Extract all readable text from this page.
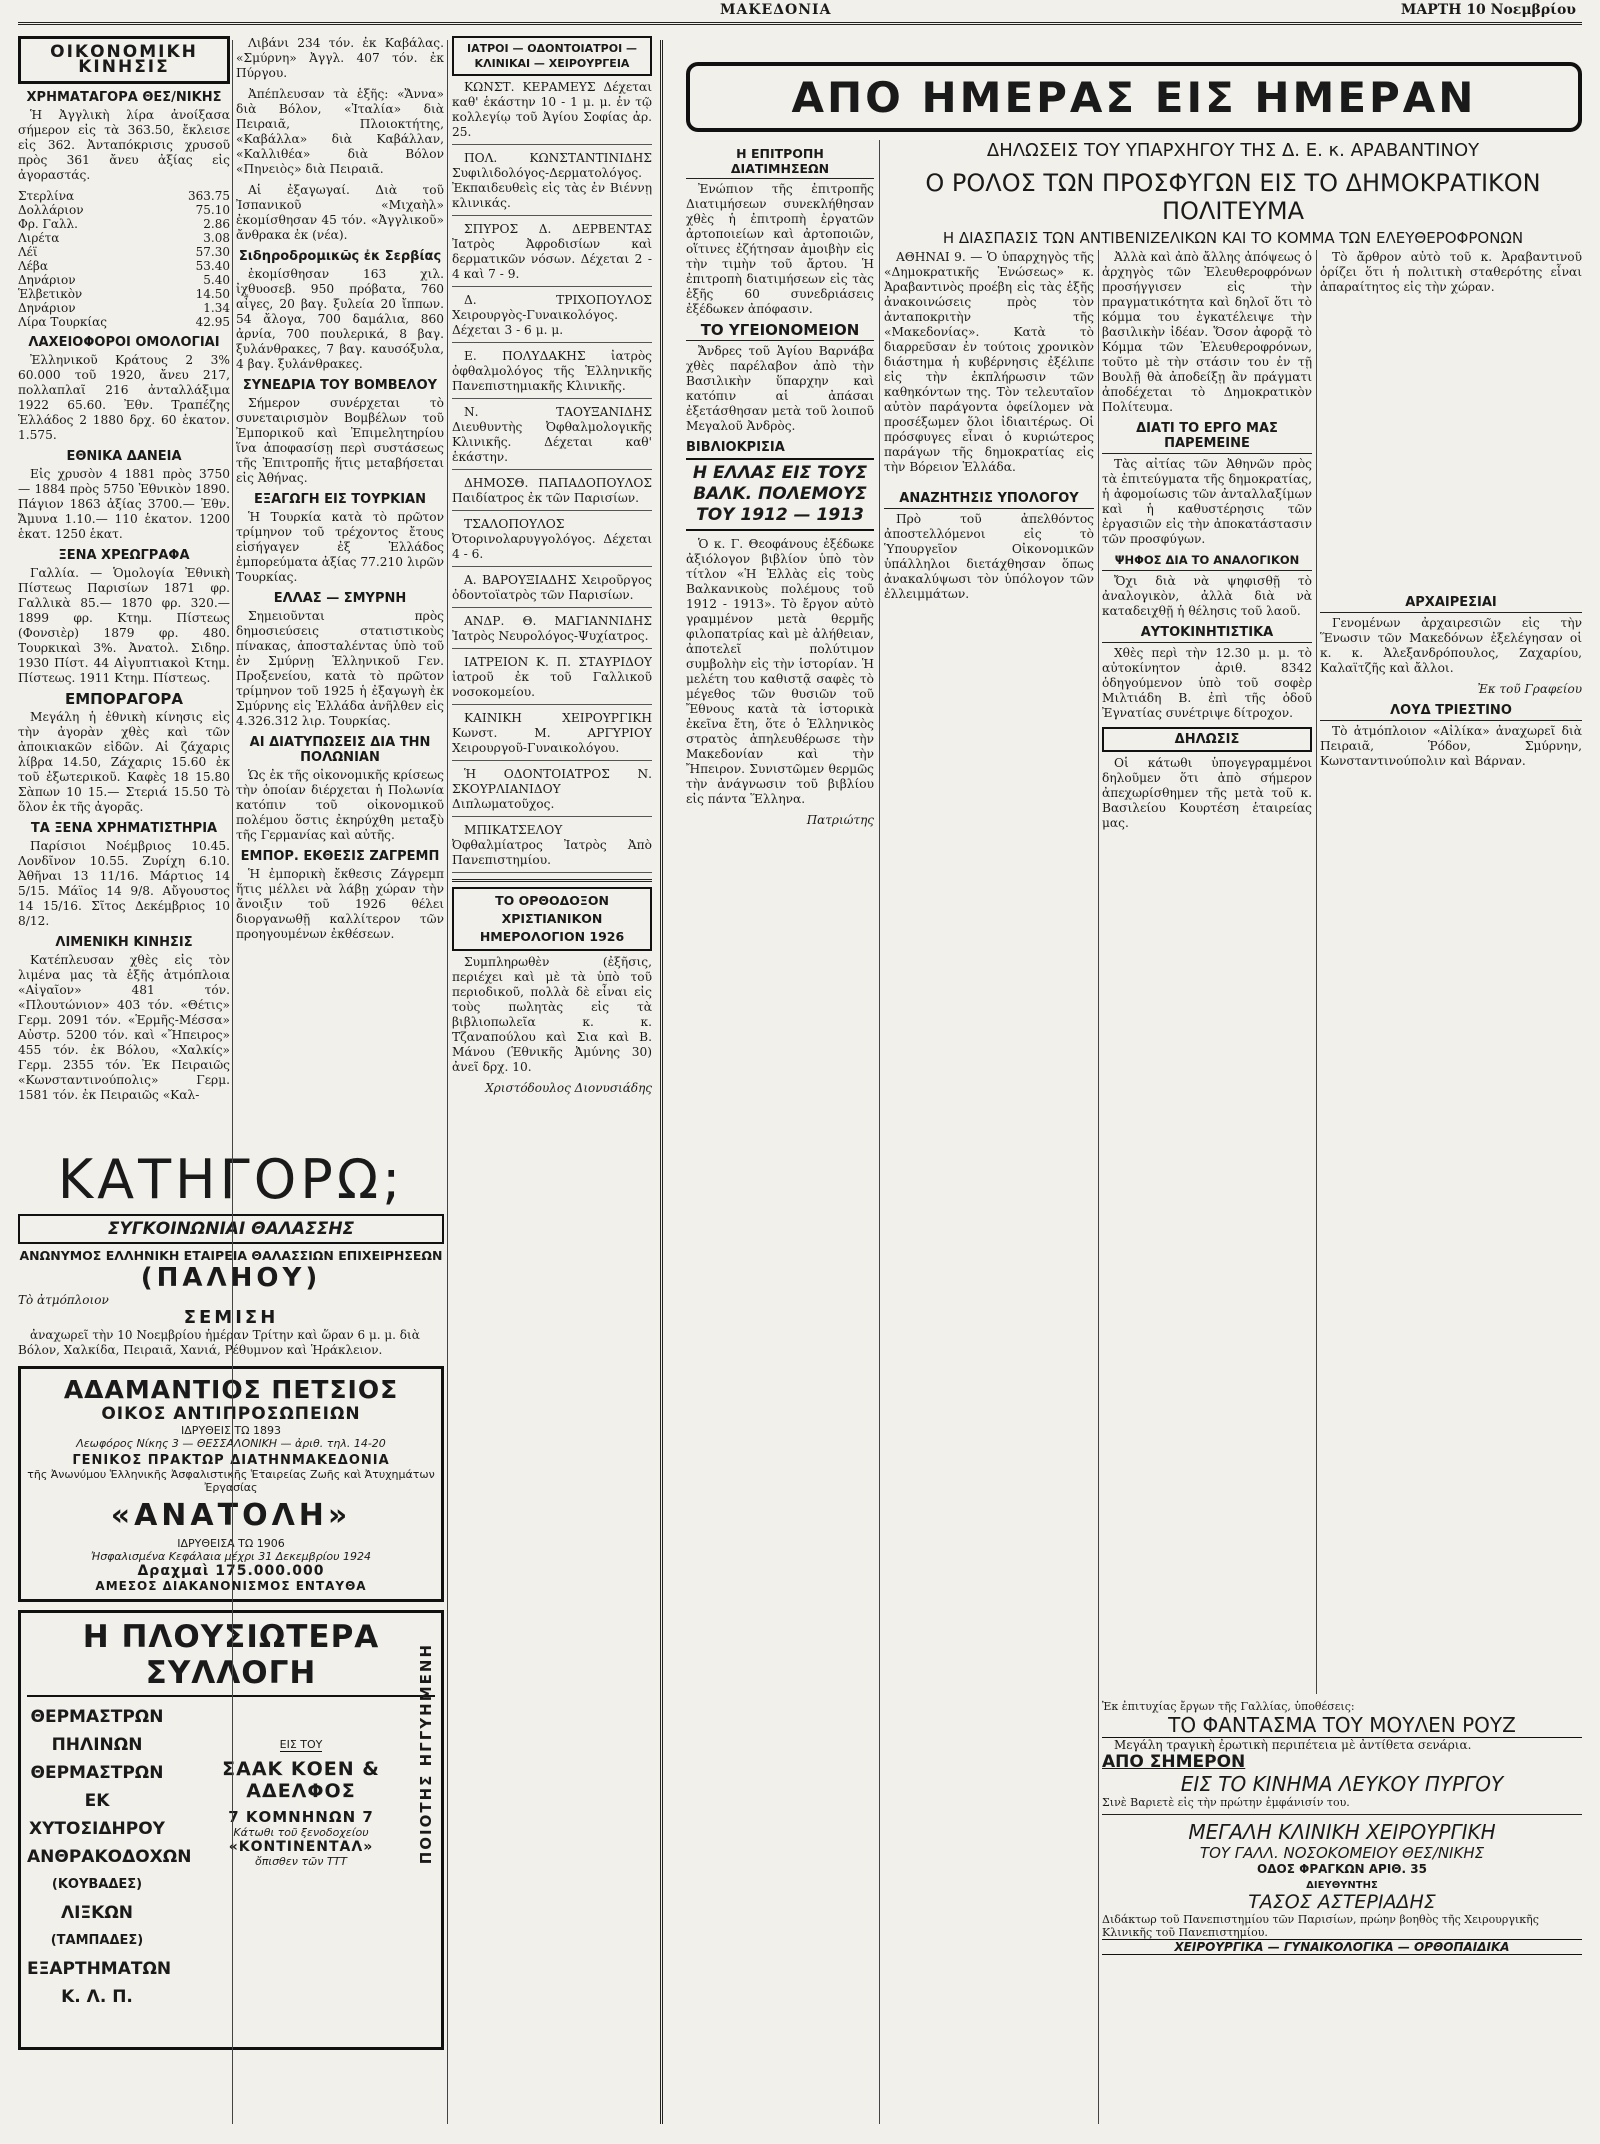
ΜΑΚΕΔΟΝΙΑ	ΜΑΡΤΗ 10 Νοεμβρίου
ΟΙΚΟΝΟΜΙΚΗ ΚΙΝΗΣΙΣ
ΧΡΗΜΑΤΑΓΟΡΑ ΘΕΣ/ΝΙΚΗΣ

Ἡ Ἀγγλικὴ λίρα ἀνοίξασα σήμερον εἰς τὰ 363.50, ἔκλεισε εἰς 362. Ἀνταπόκρισις χρυσοῦ πρὸς 361 ἄνευ ἀξίας εἰς ἀγοραστάς.

Στερλίνα	363.75
Δολλάριον	75.10
Φρ. Γαλλ.	2.86
Λιρέτα	3.08
Λέϊ	57.30
Λέβα	53.40
Δηνάριον	5.40
Ἑλβετικὸν	14.50
Δηνάριον	1.34
Λίρα Τουρκίας	42.95
ΛΑΧΕΙΟΦΟΡΟΙ ΟΜΟΛΟΓΙΑΙ

Ἐλληνικοῦ Κράτους 2 3% 60.000 τοῦ 1920, ἄνευ 217, πολλαπλαῖ 216 ἀνταλλάξιμα 1922 65.60. Ἐθν. Τραπέζης Ἑλλάδος 2 1880 δρχ. 60 ἑκατον. 1.575.

ΕΘΝΙΚΑ ΔΑΝΕΙΑ

Εἰς χρυσὸν 4 1881 πρὸς 3750 — 1884 πρὸς 5750 Ἐθνικὸν 1890. Πάγιον 1863 ἀξίας 3700.— Ἐθν. Ἄμυνα 1.10.— 110 ἑκατον. 1200 ἑκατ. 1250 ἑκατ.

ΞΕΝΑ ΧΡΕΩΓΡΑΦΑ

Γαλλία. — Ὁμολογία Ἐθνικὴ Πίστεως Παρισίων 1871 φρ. Γαλλικὰ 85.— 1870 φρ. 320.— 1899 φρ. Κτημ. Πίστεως (Φονσιὲρ) 1879 φρ. 480. Τουρκικαὶ 3%. Ἀνατολ. Σιδηρ. 1930 Πίστ. 44 Αἰγυπτιακοὶ Κτημ. Πίστεως. 1911 Κτημ. Πίστεως.

ΕΜΠΟΡΑΓΟΡΑ

Μεγάλη ἡ ἐθνικὴ κίνησις εἰς τὴν ἀγορὰν χθὲς καὶ τῶν ἀποικιακῶν εἰδῶν. Αἱ ζάχαρις λίβρα 14.50, Ζάχαρις 15.60 ἐκ τοῦ ἐξωτερικοῦ. Καφὲς 18 15.80 Σὰπων 10 15.— Στεριά 15.50 Τὸ ὅλον ἐκ τῆς ἀγορᾶς.

ΤΑ ΞΕΝΑ ΧΡΗΜΑΤΙΣΤΗΡΙΑ

Παρίσιοι Νοέμβριος 10.45. Λονδῖνον 10.55. Ζυρίχη 6.10. Ἀθῆναι 13 11/16. Μάρτιος 14 5/15. Μάϊος 14 9/8. Αὔγουστος 14 15/16. Σῖτος Δεκέμβριος 10 8/12.

ΛΙΜΕΝΙΚΗ ΚΙΝΗΣΙΣ

Κατέπλευσαν χθὲς εἰς τὸν λιμένα μας τὰ ἑξῆς ἀτμόπλοια «Αἰγαῖον» 481 τόν. «Πλουτώνιον» 403 τόν. «Θέτις» Γερμ. 2091 τόν. «Ἑρμῆς-Μέσσα» Αὐστρ. 5200 τόν. καὶ «Ἤπειρος» 455 τόν. ἐκ Βόλου, «Χαλκίς» Γερμ. 2355 τόν. Ἐκ Πειραιῶς «Κωνσταντινούπολις» Γερμ. 1581 τόν. ἐκ Πειραιῶς «Καλ-

Λιβάνι 234 τόν. ἐκ Καβάλας. «Σμύρνη» Ἀγγλ. 407 τόν. ἐκ Πύργου.

Ἀπέπλευσαν τὰ ἑξῆς: «Ἄννα» διὰ Βόλον, «Ἰταλία» διὰ Πειραιᾶ, Πλοιοκτήτης, «Καβάλλα» διὰ Καβάλλαν, «Καλλιθέα» διὰ Βόλον «Πηνειὸς» διὰ Πειραιᾶ.

Αἱ ἐξαγωγαί. Διὰ τοῦ Ἰσπανικοῦ «Μιχαὴλ» ἐκομίσθησαν 45 τόν. «Ἀγγλικοῦ» ἄνθρακα ἐκ (νέα).

Σιδηροδρομικῶς ἐκ Σερβίας

ἐκομίσθησαν 163 χιλ. ἰχθυοσεβ. 950 πρόβατα, 760 αἶγες, 20 βαγ. ξυλεία 20 ἴππων. 54 ἄλογα, 700 δαμάλια, 860 ἀρνία, 700 πουλερικά, 8 βαγ. ξυλάνθρακες, 7 βαγ. καυσόξυλα, 4 βαγ. ξυλάνθρακες.

ΣΥΝΕΔΡΙΑ ΤΟΥ ΒΟΜΒΕΛΟΥ

Σήμερον συνέρχεται τὸ συνεταιρισμὸν Βομβέλων τοῦ Ἐμπορικοῦ καὶ Ἐπιμελητηρίου ἵνα ἀποφασίσῃ περὶ συστάσεως τῆς Ἐπιτροπῆς ἥτις μεταβήσεται εἰς Ἀθήνας.

ΕΞΑΓΩΓΗ ΕΙΣ ΤΟΥΡΚΙΑΝ

Ἡ Τουρκία κατὰ τὸ πρῶτον τρίμηνον τοῦ τρέχοντος ἔτους εἰσήγαγεν ἐξ Ἑλλάδος ἐμπορεύματα ἀξίας 77.210 λιρῶν Τουρκίας.

ΕΛΛΑΣ — ΣΜΥΡΝΗ

Σημειοῦνται πρὸς δημοσιεύσεις στατιστικοὺς πίνακας, ἀποσταλέντας ὑπὸ τοῦ ἐν Σμύρνῃ Ἑλληνικοῦ Γεν. Προξενείου, κατὰ τὸ πρῶτον τρίμηνον τοῦ 1925 ἡ ἐξαγωγὴ ἐκ Σμύρνης εἰς Ἑλλάδα ἀνῆλθεν εἰς 4.326.312 λιρ. Τουρκίας.

ΑΙ ΔΙΑΤΥΠΩΣΕΙΣ ΔΙΑ ΤΗΝ ΠΟΛΩΝΙΑΝ

Ὡς ἐκ τῆς οἰκονομικῆς κρίσεως τὴν ὁποίαν διέρχεται ἡ Πολωνία κατόπιν τοῦ οἰκονομικοῦ πολέμου ὅστις ἐκηρύχθη μεταξὺ τῆς Γερμανίας καὶ αὐτῆς.

ΕΜΠΟΡ. ΕΚΘΕΣΙΣ ΖΑΓΡΕΜΠ

Ἡ ἐμπορικὴ ἔκθεσις Ζάγρεμπ ἥτις μέλλει νὰ λάβῃ χώραν τὴν ἄνοιξιν τοῦ 1926 θέλει διοργανωθῇ καλλίτερον τῶν προηγουμένων ἐκθέσεων.

ΚΑΤΗΓΟΡΩ;
ΣΥΓΚΟΙΝΩΝΙΑΙ ΘΑΛΑΣΣΗΣ
ΑΝΩΝΥΜΟΣ ΕΛΛΗΝΙΚΗ ΕΤΑΙΡΕΙΑ ΘΑΛΑΣΣΙΩΝ ΕΠΙΧΕΙΡΗΣΕΩΝ
(ΠΑΛΗΟΥ)
Τὸ ἀτμόπλοιον
ΣΕΜΙΣΗ

ἀναχωρεῖ τὴν 10 Νοεμβρίου ἡμέραν Τρίτην καὶ ὥραν 6 μ. μ. διὰ Βόλον, Χαλκίδα, Πειραιᾶ, Χανιά, Ρέθυμνον καὶ Ἡράκλειον.

ΑΔΑΜΑΝΤΙΟΣ ΠΕΤΣΙΟΣ
ΟΙΚΟΣ ΑΝΤΙΠΡΟΣΩΠΕΙΩΝ
ΙΔΡΥΘΕΙΣ ΤΩ 1893
Λεωφόρος Νίκης 3 — ΘΕΣΣΑΛΟΝΙΚΗ — ἀριθ. τηλ. 14-20
ΓΕΝΙΚΟΣ ΠΡΑΚΤΩΡ ΔΙΑΤΗΝΜΑΚΕΔΟΝΙΑ
τῆς Ἀνωνύμου Ἑλληνικῆς Ἀσφαλιστικῆς Ἑταιρείας Ζωῆς καὶ Ἀτυχημάτων Ἐργασίας
«ΑΝΑΤΟΛΗ»
ΙΔΡΥΘΕΙΣΑ ΤΩ 1906
Ἠσφαλισμένα Κεφάλαια μέχρι 31 Δεκεμβρίου 1924
Δραχμαὶ 175.000.000
ΑΜΕΣΟΣ ΔΙΑΚΑΝΟΝΙΣΜΟΣ ΕΝΤΑΥΘΑ
Η ΠΛΟΥΣΙΩΤΕΡΑ ΣΥΛΛΟΓΗ
ΘΕΡΜΑΣΤΡΩΝ
ΠΗΛΙΝΩΝ
ΘΕΡΜΑΣΤΡΩΝ
ΕΚ ΧΥΤΟΣΙΔΗΡΟΥ
ΑΝΘΡΑΚΟΔΟΧΩΝ
(ΚΟΥΒΑΔΕΣ)
ΛΙΞΚΩΝ
(ΤΑΜΠΑΔΕΣ)
ΕΞΑΡΤΗΜΑΤΩΝ
Κ. Λ. Π.
ΕΙΣ ΤΟΥ
ΣΑΑΚ ΚΟΕΝ & ΑΔΕΛΦΟΣ
7 ΚΟΜΝΗΝΩΝ 7
Κάτωθι τοῦ ξενοδοχείου
«ΚΟΝΤΙΝΕΝΤΑΛ»
ὄπισθεν τῶν ΤΤΤ	ΠΟΙΟΤΗΣ ΗΓΓΥΗΜΕΝΗ
ΙΑΤΡΟΙ — ΟΔΟΝΤΟΙΑΤΡΟΙ — ΚΛΙΝΙΚΑΙ — ΧΕΙΡΟΥΡΓΕΙΑ

ΚΩΝΣΤ. ΚΕΡΑΜΕΥΣ Δέχεται καθ' ἑκάστην 10 - 1 μ. μ. ἐν τῷ κολλεγίῳ τοῦ Ἀγίου Σοφίας ἀρ. 25.

ΠΟΛ. ΚΩΝΣΤΑΝΤΙΝΙΔΗΣ Συφιλιδολόγος-Δερματολόγος. Ἐκπαιδευθεὶς εἰς τὰς ἐν Βιέννῃ κλινικάς.

ΣΠΥΡΟΣ Δ. ΔΕΡΒΕΝΤΑΣ Ἰατρὸς Ἀφροδισίων καὶ δερματικῶν νόσων. Δέχεται 2 - 4 καὶ 7 - 9.

Δ. ΤΡΙΧΟΠΟΥΛΟΣ Χειρουργὸς-Γυναικολόγος. Δέχεται 3 - 6 μ. μ.

Ε. ΠΟΛΥΔΑΚΗΣ ἰατρὸς ὀφθαλμολόγος τῆς Ἑλληνικῆς Πανεπιστημιακῆς Κλινικῆς.

Ν. ΤΑΟΥΞΑΝΙΔΗΣ Διευθυντὴς Ὀφθαλμολογικῆς Κλινικῆς. Δέχεται καθ' ἑκάστην.

ΔΗΜΟΣΘ. ΠΑΠΑΔΟΠΟΥΛΟΣ Παιδίατρος ἐκ τῶν Παρισίων.

ΤΣΑΛΟΠΟΥΛΟΣ Ὀτορινολαρυγγολόγος. Δέχεται 4 - 6.

Α. ΒΑΡΟΥΞΙΑΔΗΣ Χειροῦργος ὀδοντοϊατρὸς τῶν Παρισίων.

ΑΝΔΡ. Θ. ΜΑΓΙΑΝΝΙΔΗΣ Ἰατρὸς Νευρολόγος-Ψυχίατρος.

ΙΑΤΡΕΙΟΝ Κ. Π. ΣΤΑΥΡΙΔΟΥ ἰατροῦ ἐκ τοῦ Γαλλικοῦ νοσοκομείου.

ΚΑΙΝΙΚΗ ΧΕΙΡΟΥΡΓΙΚΗ Κωνστ. Μ. ΑΡΓΥΡΙΟΥ Χειρουργοῦ-Γυναικολόγου.

Ἡ ΟΔΟΝΤΟΙΑΤΡΟΣ Ν. ΣΚΟΥΡΛΙΑΝΙΔΟΥ Διπλωματοῦχος.

ΜΠΙΚΑΤΣΕΛΟΥ Ὀφθαλμίατρος Ἰατρὸς Ἀπὸ Πανεπιστημίου.

ΤΟ ΟΡΘΟΔΟΞΟΝ ΧΡΙΣΤΙΑΝΙΚΟΝ ΗΜΕΡΟΛΟΓΙΟΝ 1926

Συμπληρωθὲν (ἐξῆσις, περιέχει καὶ μὲ τὰ ὑπὸ τοῦ περιοδικοῦ, πολλὰ δὲ εἶναι εἰς τοὺς πωλητὰς εἰς τὰ βιβλιοπωλεῖα κ. κ. Τζαναπούλου καὶ Σια καὶ Β. Μάνου (Ἑθνικῆς Ἀμύνης 30) ἀνεῖ δρχ. 10.

Χριστόδουλος Διονυσιάδης
ΑΠΟ ΗΜΕΡΑΣ ΕΙΣ ΗΜΕΡΑΝ
Η ΕΠΙΤΡΟΠΗ ΔΙΑΤΙΜΗΣΕΩΝ

Ἐνώπιον τῆς ἐπιτροπῆς Διατιμήσεων συνεκλήθησαν χθὲς ἡ ἐπιτροπὴ ἐργατῶν ἀρτοποιείων καὶ ἀρτοποιῶν, οἵτινες ἐζήτησαν ἀμοιβὴν εἰς τὴν τιμὴν τοῦ ἄρτου. Ἡ ἐπιτροπὴ διατιμήσεων εἰς τὰς ἑξῆς 60 συνεδριάσεις ἐξέδωκεν ἀπόφασιν.

ΤΟ ΥΓΕΙΟΝΟΜΕΙΟΝ

Ἄνδρες τοῦ Ἁγίου Βαρνάβα χθὲς παρέλαβον ἀπὸ τὴν Βασιλικὴν ὕπαρχην καὶ κατόπιν αἱ ἀπάσαι ἐξετάσθησαν μετὰ τοῦ λοιποῦ Μεγαλοῦ Ἀνδρὸς.

ΒΙΒΛΙΟΚΡΙΣΙΑ
Η ΕΛΛΑΣ ΕΙΣ ΤΟΥΣ ΒΑΛΚ. ΠΟΛΕΜΟΥΣ ΤΟΥ 1912 — 1913

Ὁ κ. Γ. Θεοφάνους ἐξέδωκε ἀξιόλογον βιβλίον ὑπὸ τὸν τίτλον «Ἡ Ἑλλὰς εἰς τοὺς Βαλκανικοὺς πολέμους τοῦ 1912 - 1913». Τὸ ἔργον αὐτὸ γραμμένον μετὰ θερμῆς φιλοπατρίας καὶ μὲ ἀλήθειαν, ἀποτελεῖ πολύτιμον συμβολὴν εἰς τὴν ἱστορίαν. Ἡ μελέτη του καθιστᾷ σαφὲς τὸ μέγεθος τῶν θυσιῶν τοῦ Ἔθνους κατὰ τὰ ἱστορικὰ ἐκεῖνα ἔτη, ὅτε ὁ Ἑλληνικὸς στρατὸς ἀπηλευθέρωσε τὴν Μακεδονίαν καὶ τὴν Ἤπειρον. Συνιστῶμεν θερμῶς τὴν ἀνάγνωσιν τοῦ βιβλίου εἰς πάντα Ἕλληνα.

Πατριώτης
ΔΗΛΩΣΕΙΣ ΤΟΥ ΥΠΑΡΧΗΓΟΥ ΤΗΣ Δ. Ε. κ. ΑΡΑΒΑΝΤΙΝΟΥ
Ο ΡΟΛΟΣ ΤΩΝ ΠΡΟΣΦΥΓΩΝ ΕΙΣ ΤΟ ΔΗΜΟΚΡΑΤΙΚΟΝ ΠΟΛΙΤΕΥΜΑ
Η ΔΙΑΣΠΑΣΙΣ ΤΩΝ ΑΝΤΙΒΕΝΙΖΕΛΙΚΩΝ ΚΑΙ ΤΟ ΚΟΜΜΑ ΤΩΝ ΕΛΕΥΘΕΡΟΦΡΟΝΩΝ

ΑΘΗΝΑΙ 9. — Ὁ ὑπαρχηγὸς τῆς «Δημοκρατικῆς Ἑνώσεως» κ. Ἀραβαντινὸς προέβη εἰς τὰς ἑξῆς ἀνακοινώσεις πρὸς τὸν ἀνταποκριτὴν τῆς «Μακεδονίας». Κατὰ τὸ διαρρεῦσαν ἐν τούτοις χρονικὸν διάστημα ἡ κυβέρνησις ἐξέλιπε εἰς τὴν ἐκπλήρωσιν τῶν καθηκόντων της. Τὸν τελευταῖον αὐτὸν παράγοντα ὁφείλομεν νὰ προσέξωμεν ὅλοι ἰδιαιτέρως. Οἱ πρόσφυγες εἶναι ὁ κυριώτερος παράγων τῆς δημοκρατίας εἰς τὴν Βόρειον Ἑλλάδα.

ΑΝΑΖΗΤΗΣΙΣ ΥΠΟΛΟΓΟΥ

Πρὸ τοῦ ἀπελθόντος ἀποστελλόμενοι εἰς τὸ Ὑπουργεῖον Οἰκονομικῶν ὑπάλληλοι διετάχθησαν ὅπως ἀνακαλύψωσι τὸν ὑπόλογον τῶν ἐλλειμμάτων.

Ἀλλὰ καὶ ἀπὸ ἄλλης ἀπόψεως ὁ ἀρχηγὸς τῶν Ἐλευθεροφρόνων προσήγγισεν εἰς τὴν πραγματικότητα καὶ δηλοῖ ὅτι τὸ κόμμα του ἐγκατέλειψε τὴν βασιλικὴν ἰδέαν. Ὅσον ἀφορᾷ τὸ Κόμμα τῶν Ἐλευθεροφρόνων, τοῦτο μὲ τὴν στάσιν του ἐν τῇ Βουλῇ θὰ ἀποδείξῃ ἂν πράγματι ἀποδέχεται τὸ Δημοκρατικὸν Πολίτευμα.

ΔΙΑΤΙ ΤΟ ΕΡΓΟ ΜΑΣ ΠΑΡΕΜΕΙΝΕ

Τὰς αἰτίας τῶν Ἀθηνῶν πρὸς τὰ ἐπιτεύγματα τῆς δημοκρατίας, ἡ ἀφομοίωσις τῶν ἀνταλλαξίμων καὶ ἡ καθυστέρησις τῶν ἐργασιῶν εἰς τὴν ἀποκατάστασιν τῶν προσφύγων.

ΨΗΦΟΣ ΔΙΑ ΤΟ ΑΝΑΛΟΓΙΚΟΝ

Ὄχι διὰ νὰ ψηφισθῇ τὸ ἀναλογικὸν, ἀλλὰ διὰ νὰ καταδειχθῇ ἡ θέλησις τοῦ λαοῦ.

ΑΥΤΟΚΙΝΗΤΙΣΤΙΚΑ

Χθὲς περὶ τὴν 12.30 μ. μ. τὸ αὐτοκίνητον ἀριθ. 8342 ὁδηγούμενον ὑπὸ τοῦ σοφὲρ Μιλτιάδη Β. ἐπὶ τῆς ὁδοῦ Ἐγνατίας συνέτριψε δίτροχον.

ΔΗΛΩΣΙΣ

Οἱ κάτωθι ὑπογεγραμμένοι δηλοῦμεν ὅτι ἀπὸ σήμερον ἀπεχωρίσθημεν τῆς μετὰ τοῦ κ. Βασιλείου Κουρτέση ἑταιρείας μας.

Τὸ ἄρθρον αὐτὸ τοῦ κ. Ἀραβαντινοῦ ὁρίζει ὅτι ἡ πολιτικὴ σταθερότης εἶναι ἀπαραίτητος εἰς τὴν χώραν.

ΑΡΧΑΙΡΕΣΙΑΙ

Γενομένων ἀρχαιρεσιῶν εἰς τὴν Ἕνωσιν τῶν Μακεδόνων ἐξελέγησαν οἱ κ. κ. Ἀλεξανδρόπουλος, Ζαχαρίου, Καλαϊτζῆς καὶ ἄλλοι.

Ἐκ τοῦ Γραφείου
ΛΟΥΔ ΤΡΙΕΣΤΙΝΟ

Τὸ ἀτμόπλοιον «Αἰλίκα» ἀναχωρεῖ διὰ Πειραιᾶ, Ῥόδον, Σμύρνην, Κωνσταντινούπολιν καὶ Βάρναν.

Ἐκ ἐπιτυχίας ἔργων τῆς Γαλλίας, ὑποθέσεις:
ΤΟ ΦΑΝΤΑΣΜΑ ΤΟΥ ΜΟΥΛΕΝ ΡΟΥΖ

Μεγάλη τραγικὴ ἐρωτικὴ περιπέτεια μὲ ἀντίθετα σενάρια.

ΑΠΟ ΣΗΜΕΡΟΝ
ΕΙΣ ΤΟ ΚΙΝΗΜΑ ΛΕΥΚΟΥ ΠΥΡΓΟΥ

Σινὲ Βαριετὲ εἰς τὴν πρώτην ἐμφάνισίν του.

ΜΕΓΑΛΗ ΚΛΙΝΙΚΗ ΧΕΙΡΟΥΡΓΙΚΗ
ΤΟΥ ΓΑΛΛ. ΝΟΣΟΚΟΜΕΙΟΥ ΘΕΣ/ΝΙΚΗΣ
ΟΔΟΣ ΦΡΑΓΚΩΝ ΑΡΙΘ. 35
ΔΙΕΥΘΥΝΤΗΣ
ΤΑΣΟΣ ΑΣΤΕΡΙΑΔΗΣ

Διδάκτωρ τοῦ Πανεπιστημίου τῶν Παρισίων, πρώην βοηθὸς τῆς Χειρουργικῆς Κλινικῆς τοῦ Πανεπιστημίου.

ΧΕΙΡΟΥΡΓΙΚΑ — ΓΥΝΑΙΚΟΛΟΓΙΚΑ — ΟΡΘΟΠΑΙΔΙΚΑ
